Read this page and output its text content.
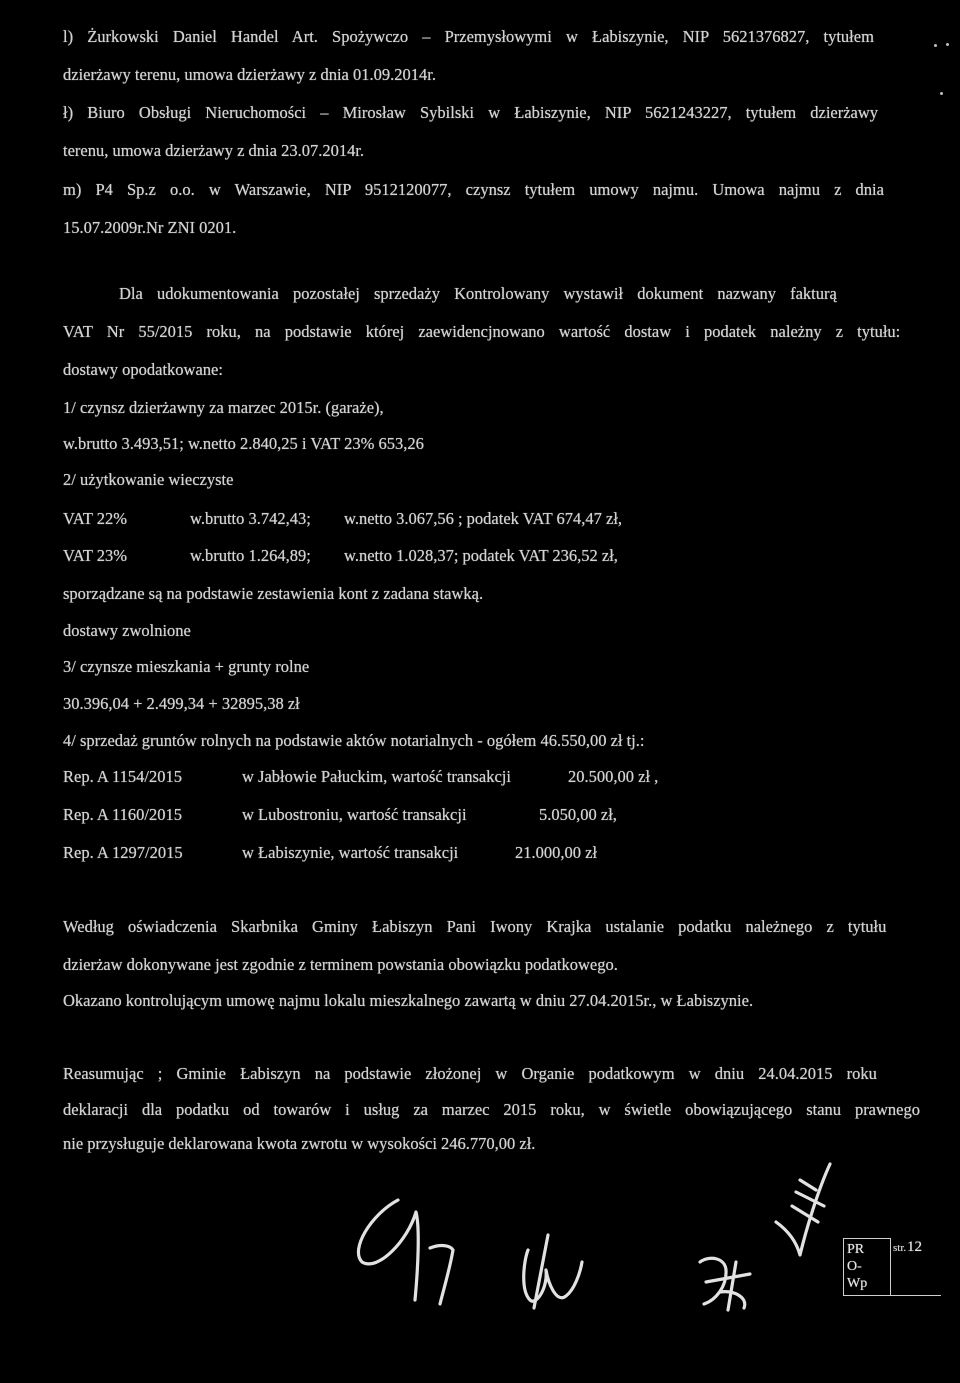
l) Żurkowski Daniel Handel Art. Spożywczo – Przemysłowymi w Łabiszynie, NIP 5621376827, tytułem
dzierżawy terenu, umowa dzierżawy z dnia 01.09.2014r.
ł) Biuro Obsługi Nieruchomości – Mirosław Sybilski w Łabiszynie, NIP 5621243227, tytułem dzierżawy
terenu, umowa dzierżawy z dnia 23.07.2014r.
m) P4 Sp.z o.o. w Warszawie, NIP 9512120077, czynsz tytułem umowy najmu. Umowa najmu z dnia
15.07.2009r.Nr ZNI 0201.
Dla udokumentowania pozostałej sprzedaży Kontrolowany wystawił dokument nazwany fakturą
VAT Nr 55/2015 roku, na podstawie której zaewidencjnowano wartość dostaw i podatek należny z tytułu:
dostawy opodatkowane:
1/ czynsz dzierżawny za marzec 2015r. (garaże),
w.brutto 3.493,51; w.netto 2.840,25 i VAT 23% 653,26
2/ użytkowanie wieczyste
VAT 22%	w.brutto 3.742,43; w.netto 3.067,56 ; podatek VAT 674,47 zł,
VAT 23%	w.brutto 1.264,89; w.netto 1.028,37; podatek VAT 236,52 zł,
sporządzane są na podstawie zestawienia kont z zadana stawką.
dostawy zwolnione
3/ czynsze mieszkania + grunty rolne
30.396,04 + 2.499,34 + 32895,38 zł
4/ sprzedaż gruntów rolnych na podstawie aktów notarialnych - ogółem 46.550,00 zł tj.:
Rep. A 1154/2015	w Jabłowie Pałuckim, wartość transakcji	20.500,00 zł ,
Rep. A 1160/2015	w Lubostroniu, wartość transakcji	5.050,00 zł,
Rep. A 1297/2015	w Łabiszynie, wartość transakcji	21.000,00 zł
Według oświadczenia Skarbnika Gminy Łabiszyn Pani Iwony Krajka ustalanie podatku należnego z tytułu
dzierżaw dokonywane jest zgodnie z terminem powstania obowiązku podatkowego.
Okazano kontrolującym umowę najmu lokalu mieszkalnego zawartą w dniu 27.04.2015r., w Łabiszynie.
Reasumując ; Gminie Łabiszyn na podstawie złożonej w Organie podatkowym w dniu 24.04.2015 roku
deklaracji dla podatku od towarów i usług za marzec 2015 roku, w świetle obowiązującego stanu prawnego
nie przysługuje deklarowana kwota zwrotu w wysokości 246.770,00 zł.
PR
O-
Wp
str. 12
